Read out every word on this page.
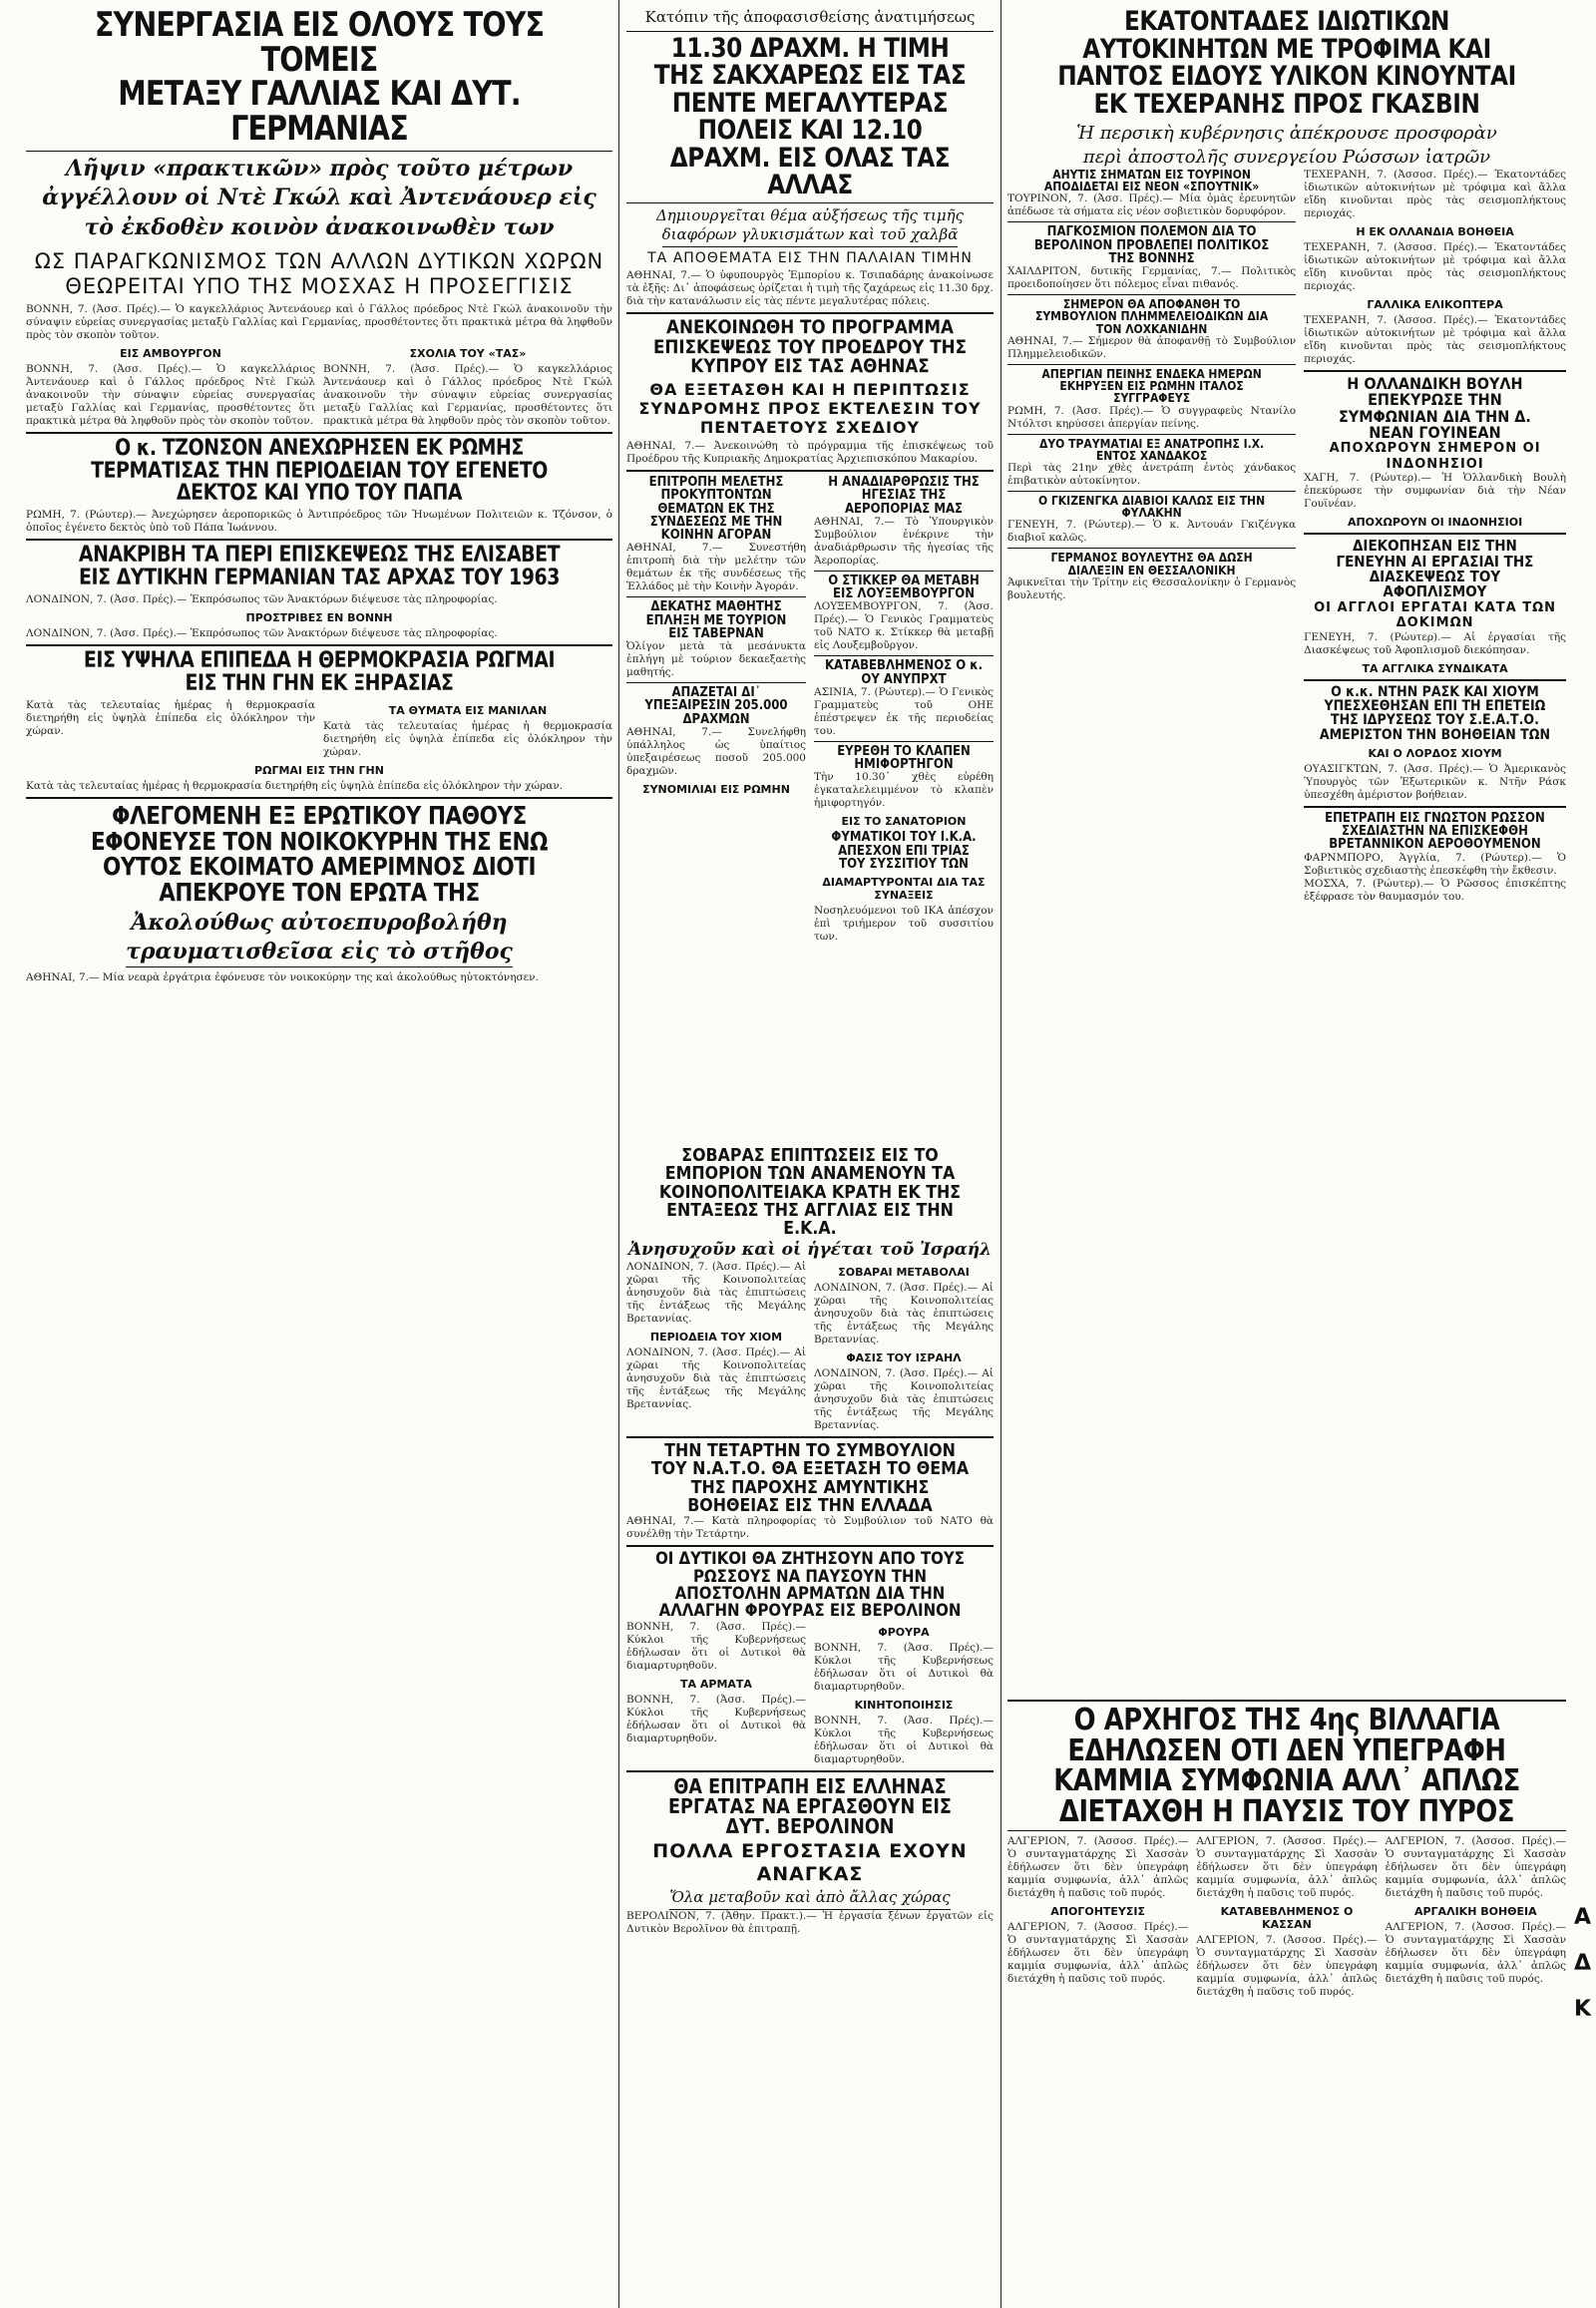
ΣΥΝΕΡΓΑΣΙΑ ΕΙΣ ΟΛΟΥΣ ΤΟΥΣ ΤΟΜΕΙΣ
ΜΕΤΑΞΥ ΓΑΛΛΙΑΣ ΚΑΙ ΔΥΤ. ΓΕΡΜΑΝΙΑΣ

Λῆψιν «πρακτικῶν» πρὸς τοῦτο μέτρων ἀγγέλλουν οἱ Ντὲ Γκώλ καὶ Ἀντενάουερ εἰς τὸ ἐκδοθὲν κοινὸν ἀνακοινωθὲν των

ΩΣ ΠΑΡΑΓΚΩΝΙΣΜΟΣ ΤΩΝ ΑΛΛΩΝ ΔΥΤΙΚΩΝ ΧΩΡΩΝ ΘΕΩΡΕΙΤΑΙ ΥΠΟ ΤΗΣ ΜΟΣΧΑΣ Η ΠΡΟΣΕΓΓΙΣΙΣ

ΒΟΝΝΗ, 7. (Ἀσσ. Πρές).— Ὁ καγκελλάριος Ἀντενάουερ καὶ ὁ Γάλλος πρόεδρος Ντὲ Γκώλ ἀνακοινοῦν τὴν σύναψιν εὐρείας συνεργασίας μεταξὺ Γαλλίας καὶ Γερμανίας, προσθέτοντες ὅτι πρακτικὰ μέτρα θὰ ληφθοῦν πρὸς τὸν σκοπὸν τοῦτον.

ΕΙΣ ΑΜΒΟΥΡΓΟΝ

ΒΟΝΝΗ, 7. (Ἀσσ. Πρές).— Ὁ καγκελλάριος Ἀντενάουερ καὶ ὁ Γάλλος πρόεδρος Ντὲ Γκώλ ἀνακοινοῦν τὴν σύναψιν εὐρείας συνεργασίας μεταξὺ Γαλλίας καὶ Γερμανίας, προσθέτοντες ὅτι πρακτικὰ μέτρα θὰ ληφθοῦν πρὸς τὸν σκοπὸν τοῦτον.

ΣΧΟΛΙΑ ΤΟΥ «ΤΑΣ»

ΒΟΝΝΗ, 7. (Ἀσσ. Πρές).— Ὁ καγκελλάριος Ἀντενάουερ καὶ ὁ Γάλλος πρόεδρος Ντὲ Γκώλ ἀνακοινοῦν τὴν σύναψιν εὐρείας συνεργασίας μεταξὺ Γαλλίας καὶ Γερμανίας, προσθέτοντες ὅτι πρακτικὰ μέτρα θὰ ληφθοῦν πρὸς τὸν σκοπὸν τοῦτον.

Ο κ. ΤΖΟΝΣΟΝ ΑΝΕΧΩΡΗΣΕΝ ΕΚ ΡΩΜΗΣ ΤΕΡΜΑΤΙΣΑΣ ΤΗΝ ΠΕΡΙΟΔΕΙΑΝ ΤΟΥ ΕΓΕΝΕΤΟ ΔΕΚΤΟΣ ΚΑΙ ΥΠΟ ΤΟΥ ΠΑΠΑ

ΡΩΜΗ, 7. (Ρώυτερ).— Ἀνεχώρησεν ἀεροπορικῶς ὁ Ἀντιπρόεδρος τῶν Ἡνωμένων Πολιτειῶν κ. Τζόνσον, ὁ ὁποῖος ἐγένετο δεκτὸς ὑπὸ τοῦ Πάπα Ἰωάννου.

ΑΝΑΚΡΙΒΗ ΤΑ ΠΕΡΙ ΕΠΙΣΚΕΨΕΩΣ ΤΗΣ ΕΛΙΣΑΒΕΤ ΕΙΣ ΔΥΤΙΚΗΝ ΓΕΡΜΑΝΙΑΝ ΤΑΣ ΑΡΧΑΣ ΤΟΥ 1963

ΛΟΝΔΙΝΟΝ, 7. (Ἀσσ. Πρές).— Ἐκπρόσωπος τῶν Ἀνακτόρων διέψευσε τὰς πληροφορίας.

ΠΡΟΣΤΡΙΒΕΣ ΕΝ ΒΟΝΝΗ

ΛΟΝΔΙΝΟΝ, 7. (Ἀσσ. Πρές).— Ἐκπρόσωπος τῶν Ἀνακτόρων διέψευσε τὰς πληροφορίας.

ΕΙΣ ΥΨΗΛΑ ΕΠΙΠΕΔΑ Η ΘΕΡΜΟΚΡΑΣΙΑ ΡΩΓΜΑΙ ΕΙΣ ΤΗΝ ΓΗΝ ΕΚ ΞΗΡΑΣΙΑΣ

Κατὰ τὰς τελευταίας ἡμέρας ἡ θερμοκρασία διετηρήθη εἰς ὑψηλὰ ἐπίπεδα εἰς ὁλόκληρον τὴν χώραν.

ΤΑ ΘΥΜΑΤΑ ΕΙΣ ΜΑΝΙΛΑΝ

Κατὰ τὰς τελευταίας ἡμέρας ἡ θερμοκρασία διετηρήθη εἰς ὑψηλὰ ἐπίπεδα εἰς ὁλόκληρον τὴν χώραν.

ΡΩΓΜΑΙ ΕΙΣ ΤΗΝ ΓΗΝ

Κατὰ τὰς τελευταίας ἡμέρας ἡ θερμοκρασία διετηρήθη εἰς ὑψηλὰ ἐπίπεδα εἰς ὁλόκληρον τὴν χώραν.

ΦΛΕΓΟΜΕΝΗ ΕΞ ΕΡΩΤΙΚΟΥ ΠΑΘΟΥΣ ΕΦΟΝΕΥΣΕ ΤΟΝ ΝΟΙΚΟΚΥΡΗΝ ΤΗΣ ΕΝΩ ΟΥΤΟΣ ΕΚΟΙΜΑΤΟ ΑΜΕΡΙΜΝΟΣ ΔΙΟΤΙ ΑΠΕΚΡΟΥΕ ΤΟΝ ΕΡΩΤΑ ΤΗΣ

Ἀκολούθως αὐτοεπυροβολήθη

τραυματισθεῖσα εἰς τὸ στῆθος

ΑΘΗΝΑΙ, 7.— Μία νεαρὰ ἐργάτρια ἐφόνευσε τὸν νοικοκύρην της καὶ ἀκολούθως ηὐτοκτόνησεν.

Κατόπιν τῆς ἀποφασισθείσης ἀνατιμήσεως

11.30 ΔΡΑΧΜ. Η ΤΙΜΗ ΤΗΣ ΣΑΚΧΑΡΕΩΣ ΕΙΣ ΤΑΣ ΠΕΝΤΕ ΜΕΓΑΛΥΤΕΡΑΣ ΠΟΛΕΙΣ ΚΑΙ 12.10 ΔΡΑΧΜ. ΕΙΣ ΟΛΑΣ ΤΑΣ ΑΛΛΑΣ

Δημιουργεῖται θέμα αὐξήσεως τῆς τιμῆς

διαφόρων γλυκισμάτων καὶ τοῦ χαλβᾶ

ΤΑ ΑΠΟΘΕΜΑΤΑ ΕΙΣ ΤΗΝ ΠΑΛΑΙΑΝ ΤΙΜΗΝ

ΑΘΗΝΑΙ, 7.— Ὁ ὑφυπουργὸς Ἐμπορίου κ. Τσιπαδάρης ἀνακοίνωσε τὰ ἑξῆς: Δι᾽ ἀποφάσεως ὁρίζεται ἡ τιμὴ τῆς ζαχάρεως εἰς 11.30 δρχ. διὰ τὴν κατανάλωσιν εἰς τὰς πέντε μεγαλυτέρας πόλεις.

ΑΝΕΚΟΙΝΩΘΗ ΤΟ ΠΡΟΓΡΑΜΜΑ ΕΠΙΣΚΕΨΕΩΣ ΤΟΥ ΠΡΟΕΔΡΟΥ ΤΗΣ ΚΥΠΡΟΥ ΕΙΣ ΤΑΣ ΑΘΗΝΑΣ

ΘΑ ΕΞΕΤΑΣΘΗ ΚΑΙ Η ΠΕΡΙΠΤΩΣΙΣ ΣΥΝΔΡΟΜΗΣ ΠΡΟΣ ΕΚΤΕΛΕΣΙΝ ΤΟΥ ΠΕΝΤΑΕΤΟΥΣ ΣΧΕΔΙΟΥ

ΑΘΗΝΑΙ, 7.— Ἀνεκοινώθη τὸ πρόγραμμα τῆς ἐπισκέψεως τοῦ Προέδρου τῆς Κυπριακῆς Δημοκρατίας Ἀρχιεπισκόπου Μακαρίου.

ΕΠΙΤΡΟΠΗ ΜΕΛΕΤΗΣ ΠΡΟΚΥΠΤΟΝΤΩΝ ΘΕΜΑΤΩΝ ΕΚ ΤΗΣ ΣΥΝΔΕΣΕΩΣ ΜΕ ΤΗΝ ΚΟΙΝΗΝ ΑΓΟΡΑΝ

ΑΘΗΝΑΙ, 7.— Συνεστήθη ἐπιτροπὴ διὰ τὴν μελέτην τῶν θεμάτων ἐκ τῆς συνδέσεως τῆς Ἑλλάδος μὲ τὴν Κοινὴν Ἀγοράν.

ΔΕΚΑΤΗΣ ΜΑΘΗΤΗΣ ΕΠΛΗΞΗ ΜΕ ΤΟΥΡΙΟΝ ΕΙΣ ΤΑΒΕΡΝΑΝ

Ὀλίγον μετὰ τὰ μεσάνυκτα ἐπλήγη μὲ τούριον δεκαεξαετὴς μαθητής.

ΑΠΑΖΕΤΑΙ ΔΙ᾽ ΥΠΕΞΑΙΡΕΣΙΝ 205.000 ΔΡΑΧΜΩΝ

ΑΘΗΝΑΙ, 7.— Συνελήφθη ὑπάλληλος ὡς ὑπαίτιος ὑπεξαιρέσεως ποσοῦ 205.000 δραχμῶν.

ΣΥΝΟΜΙΛΙΑΙ ΕΙΣ ΡΩΜΗΝ

Η ΑΝΑΔΙΑΡΘΡΩΣΙΣ ΤΗΣ ΗΓΕΣΙΑΣ ΤΗΣ ΑΕΡΟΠΟΡΙΑΣ ΜΑΣ

ΑΘΗΝΑΙ, 7.— Τὸ Ὑπουργικὸν Συμβούλιον ἐνέκρινε τὴν ἀναδιάρθρωσιν τῆς ἡγεσίας τῆς Ἀεροπορίας.

Ο ΣΤΙΚΚΕΡ ΘΑ ΜΕΤΑΒΗ ΕΙΣ ΛΟΥΞΕΜΒΟΥΡΓΟΝ

ΛΟΥΞΕΜΒΟΥΡΓΟΝ, 7. (Ἀσσ. Πρές).— Ὁ Γενικὸς Γραμματεὺς τοῦ ΝΑΤΟ κ. Στίκκερ θὰ μεταβῇ εἰς Λουξεμβοῦργον.

ΚΑΤΑΒΕΒΛΗΜΕΝΟΣ Ο κ. ΟΥ ΑΝΥΠΡΧΤ

ΑΣΙΝΙΑ, 7. (Ρώυτερ).— Ὁ Γενικὸς Γραμματεὺς τοῦ ΟΗΕ ἐπέστρεψεν ἐκ τῆς περιοδείας του.

ΕΥΡΕΘΗ ΤΟ ΚΛΑΠΕΝ ΗΜΙΦΟΡΤΗΓΟΝ

Τὴν 10.30᾽ χθὲς εὑρέθη ἐγκαταλελειμμένον τὸ κλαπὲν ἡμιφορτηγόν.

ΕΙΣ ΤΟ ΣΑΝΑΤΟΡΙΟΝ

ΦΥΜΑΤΙΚΟΙ ΤΟΥ Ι.Κ.Α. ΑΠΕΣΧΟΝ ΕΠΙ ΤΡΙΑΣ ΤΟΥ ΣΥΣΣΙΤΙΟΥ ΤΩΝ

ΔΙΑΜΑΡΤΥΡΟΝΤΑΙ ΔΙΑ ΤΑΣ ΣΥΝΑΞΕΙΣ

Νοσηλευόμενοι τοῦ ΙΚΑ ἀπέσχον ἐπὶ τριήμερον τοῦ συσσιτίου των.

ΣΟΒΑΡΑΣ ΕΠΙΠΤΩΣΕΙΣ ΕΙΣ ΤΟ ΕΜΠΟΡΙΟΝ ΤΩΝ ΑΝΑΜΕΝΟΥΝ ΤΑ ΚΟΙΝΟΠΟΛΙΤΕΙΑΚΑ ΚΡΑΤΗ ΕΚ ΤΗΣ ΕΝΤΑΞΕΩΣ ΤΗΣ ΑΓΓΛΙΑΣ ΕΙΣ ΤΗΝ Ε.Κ.Α.

Ἀνησυχοῦν καὶ οἱ ἡγέται τοῦ Ἰσραήλ

ΛΟΝΔΙΝΟΝ, 7. (Ἀσσ. Πρές).— Αἱ χῶραι τῆς Κοινοπολιτείας ἀνησυχοῦν διὰ τὰς ἐπιπτώσεις τῆς ἐντάξεως τῆς Μεγάλης Βρεταννίας.

ΠΕΡΙΟΔΕΙΑ ΤΟΥ ΧΙΟΜ

ΛΟΝΔΙΝΟΝ, 7. (Ἀσσ. Πρές).— Αἱ χῶραι τῆς Κοινοπολιτείας ἀνησυχοῦν διὰ τὰς ἐπιπτώσεις τῆς ἐντάξεως τῆς Μεγάλης Βρεταννίας.

ΣΟΒΑΡΑΙ ΜΕΤΑΒΟΛΑΙ

ΛΟΝΔΙΝΟΝ, 7. (Ἀσσ. Πρές).— Αἱ χῶραι τῆς Κοινοπολιτείας ἀνησυχοῦν διὰ τὰς ἐπιπτώσεις τῆς ἐντάξεως τῆς Μεγάλης Βρεταννίας.

ΦΑΣΙΣ ΤΟΥ ΙΣΡΑΗΛ

ΛΟΝΔΙΝΟΝ, 7. (Ἀσσ. Πρές).— Αἱ χῶραι τῆς Κοινοπολιτείας ἀνησυχοῦν διὰ τὰς ἐπιπτώσεις τῆς ἐντάξεως τῆς Μεγάλης Βρεταννίας.

ΤΗΝ ΤΕΤΑΡΤΗΝ ΤΟ ΣΥΜΒΟΥΛΙΟΝ ΤΟΥ Ν.Α.Τ.Ο. ΘΑ ΕΞΕΤΑΣΗ ΤΟ ΘΕΜΑ ΤΗΣ ΠΑΡΟΧΗΣ ΑΜΥΝΤΙΚΗΣ ΒΟΗΘΕΙΑΣ ΕΙΣ ΤΗΝ ΕΛΛΑΔΑ

ΑΘΗΝΑΙ, 7.— Κατὰ πληροφορίας τὸ Συμβούλιον τοῦ ΝΑΤΟ θὰ συνέλθῃ τὴν Τετάρτην.

ΟΙ ΔΥΤΙΚΟΙ ΘΑ ΖΗΤΗΣΟΥΝ ΑΠΟ ΤΟΥΣ ΡΩΣΣΟΥΣ ΝΑ ΠΑΥΣΟΥΝ ΤΗΝ ΑΠΟΣΤΟΛΗΝ ΑΡΜΑΤΩΝ ΔΙΑ ΤΗΝ ΑΛΛΑΓΗΝ ΦΡΟΥΡΑΣ ΕΙΣ ΒΕΡΟΛΙΝΟΝ

ΒΟΝΝΗ, 7. (Ἀσσ. Πρές).— Κύκλοι τῆς Κυβερνήσεως ἐδήλωσαν ὅτι οἱ Δυτικοὶ θὰ διαμαρτυρηθοῦν.

ΤΑ ΑΡΜΑΤΑ

ΒΟΝΝΗ, 7. (Ἀσσ. Πρές).— Κύκλοι τῆς Κυβερνήσεως ἐδήλωσαν ὅτι οἱ Δυτικοὶ θὰ διαμαρτυρηθοῦν.

ΦΡΟΥΡΑ

ΒΟΝΝΗ, 7. (Ἀσσ. Πρές).— Κύκλοι τῆς Κυβερνήσεως ἐδήλωσαν ὅτι οἱ Δυτικοὶ θὰ διαμαρτυρηθοῦν.

ΚΙΝΗΤΟΠΟΙΗΣΙΣ

ΒΟΝΝΗ, 7. (Ἀσσ. Πρές).— Κύκλοι τῆς Κυβερνήσεως ἐδήλωσαν ὅτι οἱ Δυτικοὶ θὰ διαμαρτυρηθοῦν.

ΘΑ ΕΠΙΤΡΑΠΗ ΕΙΣ ΕΛΛΗΝΑΣ ΕΡΓΑΤΑΣ ΝΑ ΕΡΓΑΣΘΟΥΝ ΕΙΣ ΔΥΤ. ΒΕΡΟΛΙΝΟΝ

ΠΟΛΛΑ ΕΡΓΟΣΤΑΣΙΑ ΕΧΟΥΝ ΑΝΑΓΚΑΣ

Ὅλα μεταβοῦν καὶ ἀπὸ ἄλλας χώρας

ΒΕΡΟΛΙΝΟΝ, 7. (Ἀθην. Πρακτ.).— Ἡ ἐργασία ξένων ἐργατῶν εἰς Δυτικὸν Βερολῖνον θὰ ἐπιτραπῇ.

ΕΚΑΤΟΝΤΑΔΕΣ ΙΔΙΩΤΙΚΩΝ ΑΥΤΟΚΙΝΗΤΩΝ ΜΕ ΤΡΟΦΙΜΑ ΚΑΙ ΠΑΝΤΟΣ ΕΙΔΟΥΣ ΥΛΙΚΟΝ ΚΙΝΟΥΝΤΑΙ ΕΚ ΤΕΧΕΡΑΝΗΣ ΠΡΟΣ ΓΚΑΣΒΙΝ

Ἡ περσικὴ κυβέρνησις ἀπέκρουσε προσφορὰν

περὶ ἀποστολῆς συνεργείου Ρώσσων ἰατρῶν

ΑΗΥΤΙΣ ΣΗΜΑΤΩΝ ΕΙΣ ΤΟΥΡΙΝΟΝ ΑΠΟΔΙΔΕΤΑΙ ΕΙΣ ΝΕΟΝ «ΣΠΟΥΤΝΙΚ»

ΤΟΥΡΙΝΟΝ, 7. (Ἀσσ. Πρές).— Μία ὁμὰς ἐρευνητῶν ἀπέδωσε τὰ σήματα εἰς νέον σοβιετικὸν δορυφόρον.

ΠΑΓΚΟΣΜΙΟΝ ΠΟΛΕΜΟΝ ΔΙΑ ΤΟ ΒΕΡΟΛΙΝΟΝ ΠΡΟΒΛΕΠΕΙ ΠΟΛΙΤΙΚΟΣ ΤΗΣ ΒΟΝΝΗΣ

ΧΑΙΛΔΡΙΤΟΝ, δυτικῆς Γερμανίας, 7.— Πολιτικὸς προειδοποίησεν ὅτι πόλεμος εἶναι πιθανός.

ΣΗΜΕΡΟΝ ΘΑ ΑΠΟΦΑΝΘΗ ΤΟ ΣΥΜΒΟΥΛΙΟΝ ΠΛΗΜΜΕΛΕΙΟΔΙΚΩΝ ΔΙΑ ΤΟΝ ΛΟΧΚΑΝΙΔΗΝ

ΑΘΗΝΑΙ, 7.— Σήμερον θὰ ἀποφανθῇ τὸ Συμβούλιον Πλημμελειοδικῶν.

ΑΠΕΡΓΙΑΝ ΠΕΙΝΗΣ ΕΝΔΕΚΑ ΗΜΕΡΩΝ ΕΚΗΡΥΞΕΝ ΕΙΣ ΡΩΜΗΝ ΙΤΑΛΟΣ ΣΥΓΓΡΑΦΕΥΣ

ΡΩΜΗ, 7. (Ἀσσ. Πρές).— Ὁ συγγραφεὺς Ντανίλο Ντόλτσι κηρύσσει ἀπεργίαν πείνης.

ΔΥΟ ΤΡΑΥΜΑΤΙΑΙ ΕΞ ΑΝΑΤΡΟΠΗΣ Ι.Χ. ΕΝΤΟΣ ΧΑΝΔΑΚΟΣ

Περὶ τὰς 21ην χθὲς ἀνετράπη ἐντὸς χάνδακος ἐπιβατικὸν αὐτοκίνητον.

Ο ΓΚΙΖΕΝΓΚΑ ΔΙΑΒΙΟΙ ΚΑΛΩΣ ΕΙΣ ΤΗΝ ΦΥΛΑΚΗΝ

ΓΕΝΕΥΗ, 7. (Ρώυτερ).— Ὁ κ. Ἀντουάν Γκιζένγκα διαβιοῖ καλῶς.

ΓΕΡΜΑΝΟΣ ΒΟΥΛΕΥΤΗΣ ΘΑ ΔΩΣΗ ΔΙΑΛΕΞΙΝ ΕΝ ΘΕΣΣΑΛΟΝΙΚΗ

Ἀφικνεῖται τὴν Τρίτην εἰς Θεσσαλονίκην ὁ Γερμανὸς βουλευτής.

ΤΕΧΕΡΑΝΗ, 7. (Ἀσσοσ. Πρές).— Ἑκατοντάδες ἰδιωτικῶν αὐτοκινήτων μὲ τρόφιμα καὶ ἄλλα εἴδη κινοῦνται πρὸς τὰς σεισμοπλήκτους περιοχάς.

Η ΕΚ ΟΛΛΑΝΔΙΑ ΒΟΗΘΕΙΑ

ΤΕΧΕΡΑΝΗ, 7. (Ἀσσοσ. Πρές).— Ἑκατοντάδες ἰδιωτικῶν αὐτοκινήτων μὲ τρόφιμα καὶ ἄλλα εἴδη κινοῦνται πρὸς τὰς σεισμοπλήκτους περιοχάς.

ΓΑΛΛΙΚΑ ΕΛΙΚΟΠΤΕΡΑ

ΤΕΧΕΡΑΝΗ, 7. (Ἀσσοσ. Πρές).— Ἑκατοντάδες ἰδιωτικῶν αὐτοκινήτων μὲ τρόφιμα καὶ ἄλλα εἴδη κινοῦνται πρὸς τὰς σεισμοπλήκτους περιοχάς.

Η ΟΛΛΑΝΔΙΚΗ ΒΟΥΛΗ ΕΠΕΚΥΡΩΣΕ ΤΗΝ ΣΥΜΦΩΝΙΑΝ ΔΙΑ ΤΗΝ Δ. ΝΕΑΝ ΓΟΥΙΝΕΑΝ

ΑΠΟΧΩΡΟΥΝ ΣΗΜΕΡΟΝ ΟΙ ΙΝΔΟΝΗΣΙΟΙ

ΧΑΓΗ, 7. (Ρώυτερ).— Ἡ Ὁλλανδικὴ Βουλὴ ἐπεκύρωσε τὴν συμφωνίαν διὰ τὴν Νέαν Γουϊνέαν.

ΑΠΟΧΩΡΟΥΝ ΟΙ ΙΝΔΟΝΗΣΙΟΙ

ΔΙΕΚΟΠΗΣΑΝ ΕΙΣ ΤΗΝ ΓΕΝΕΥΗΝ ΑΙ ΕΡΓΑΣΙΑΙ ΤΗΣ ΔΙΑΣΚΕΨΕΩΣ ΤΟΥ ΑΦΟΠΛΙΣΜΟΥ

ΟΙ ΑΓΓΛΟΙ ΕΡΓΑΤΑΙ ΚΑΤΑ ΤΩΝ ΔΟΚΙΜΩΝ

ΓΕΝΕΥΗ, 7. (Ρώυτερ).— Αἱ ἐργασίαι τῆς Διασκέψεως τοῦ Ἀφοπλισμοῦ διεκόπησαν.

ΤΑ ΑΓΓΛΙΚΑ ΣΥΝΔΙΚΑΤΑ

Ο κ.κ. ΝΤΗΝ ΡΑΣΚ ΚΑΙ ΧΙΟΥΜ ΥΠΕΣΧΕΘΗΣΑΝ ΕΠΙ ΤΗ ΕΠΕΤΕΙΩ ΤΗΣ ΙΔΡΥΣΕΩΣ ΤΟΥ Σ.Ε.Α.Τ.Ο. ΑΜΕΡΙΣΤΟΝ ΤΗΝ ΒΟΗΘΕΙΑΝ ΤΩΝ

ΚΑΙ Ο ΛΟΡΔΟΣ ΧΙΟΥΜ

ΟΥΑΣΙΓΚΤΩΝ, 7. (Ἀσσ. Πρές).— Ὁ Ἀμερικανὸς Ὑπουργὸς τῶν Ἐξωτερικῶν κ. Ντῆν Ράσκ ὑπεσχέθη ἀμέριστον βοήθειαν.

ΕΠΕΤΡΑΠΗ ΕΙΣ ΓΝΩΣΤΟΝ ΡΩΣΣΟΝ ΣΧΕΔΙΑΣΤΗΝ ΝΑ ΕΠΙΣΚΕΦΘΗ ΒΡΕΤΑΝΝΙΚΟΝ ΑΕΡΟΘΟΥΜΕΝΟΝ

ΦΑΡΝΜΠΟΡΟ, Ἀγγλία, 7. (Ρώυτερ).— Ὁ Σοβιετικὸς σχεδιαστὴς ἐπεσκέφθη τὴν ἔκθεσιν.

ΜΟΣΧΑ, 7. (Ρώυτερ).— Ὁ Ρῶσσος ἐπισκέπτης ἐξέφρασε τὸν θαυμασμόν του.

Ο ΑΡΧΗΓΟΣ ΤΗΣ 4ης ΒΙΛΛΑΓΙΑ ΕΔΗΛΩΣΕΝ ΟΤΙ ΔΕΝ ΥΠΕΓΡΑΦΗ ΚΑΜΜΙΑ ΣΥΜΦΩΝΙΑ ΑΛΛ᾽ ΑΠΛΩΣ ΔΙΕΤΑΧΘΗ Η ΠΑΥΣΙΣ ΤΟΥ ΠΥΡΟΣ

ΑΛΓΕΡΙΟΝ, 7. (Ἀσσοσ. Πρές).— Ὁ συνταγματάρχης Σὶ Χασσὰν ἐδήλωσεν ὅτι δὲν ὑπεγράφη καμμία συμφωνία, ἀλλ᾽ ἁπλῶς διετάχθη ἡ παῦσις τοῦ πυρός.

ΑΠΟΓΟΗΤΕΥΣΙΣ

ΑΛΓΕΡΙΟΝ, 7. (Ἀσσοσ. Πρές).— Ὁ συνταγματάρχης Σὶ Χασσὰν ἐδήλωσεν ὅτι δὲν ὑπεγράφη καμμία συμφωνία, ἀλλ᾽ ἁπλῶς διετάχθη ἡ παῦσις τοῦ πυρός.

ΑΛΓΕΡΙΟΝ, 7. (Ἀσσοσ. Πρές).— Ὁ συνταγματάρχης Σὶ Χασσὰν ἐδήλωσεν ὅτι δὲν ὑπεγράφη καμμία συμφωνία, ἀλλ᾽ ἁπλῶς διετάχθη ἡ παῦσις τοῦ πυρός.

ΚΑΤΑΒΕΒΛΗΜΕΝΟΣ Ο ΚΑΣΣΑΝ

ΑΛΓΕΡΙΟΝ, 7. (Ἀσσοσ. Πρές).— Ὁ συνταγματάρχης Σὶ Χασσὰν ἐδήλωσεν ὅτι δὲν ὑπεγράφη καμμία συμφωνία, ἀλλ᾽ ἁπλῶς διετάχθη ἡ παῦσις τοῦ πυρός.

ΑΛΓΕΡΙΟΝ, 7. (Ἀσσοσ. Πρές).— Ὁ συνταγματάρχης Σὶ Χασσὰν ἐδήλωσεν ὅτι δὲν ὑπεγράφη καμμία συμφωνία, ἀλλ᾽ ἁπλῶς διετάχθη ἡ παῦσις τοῦ πυρός.

ΑΡΓΑΛΙΚΗ ΒΟΗΘΕΙΑ

ΑΛΓΕΡΙΟΝ, 7. (Ἀσσοσ. Πρές).— Ὁ συνταγματάρχης Σὶ Χασσὰν ἐδήλωσεν ὅτι δὲν ὑπεγράφη καμμία συμφωνία, ἀλλ᾽ ἁπλῶς διετάχθη ἡ παῦσις τοῦ πυρός.

Α
Δ
Κ
